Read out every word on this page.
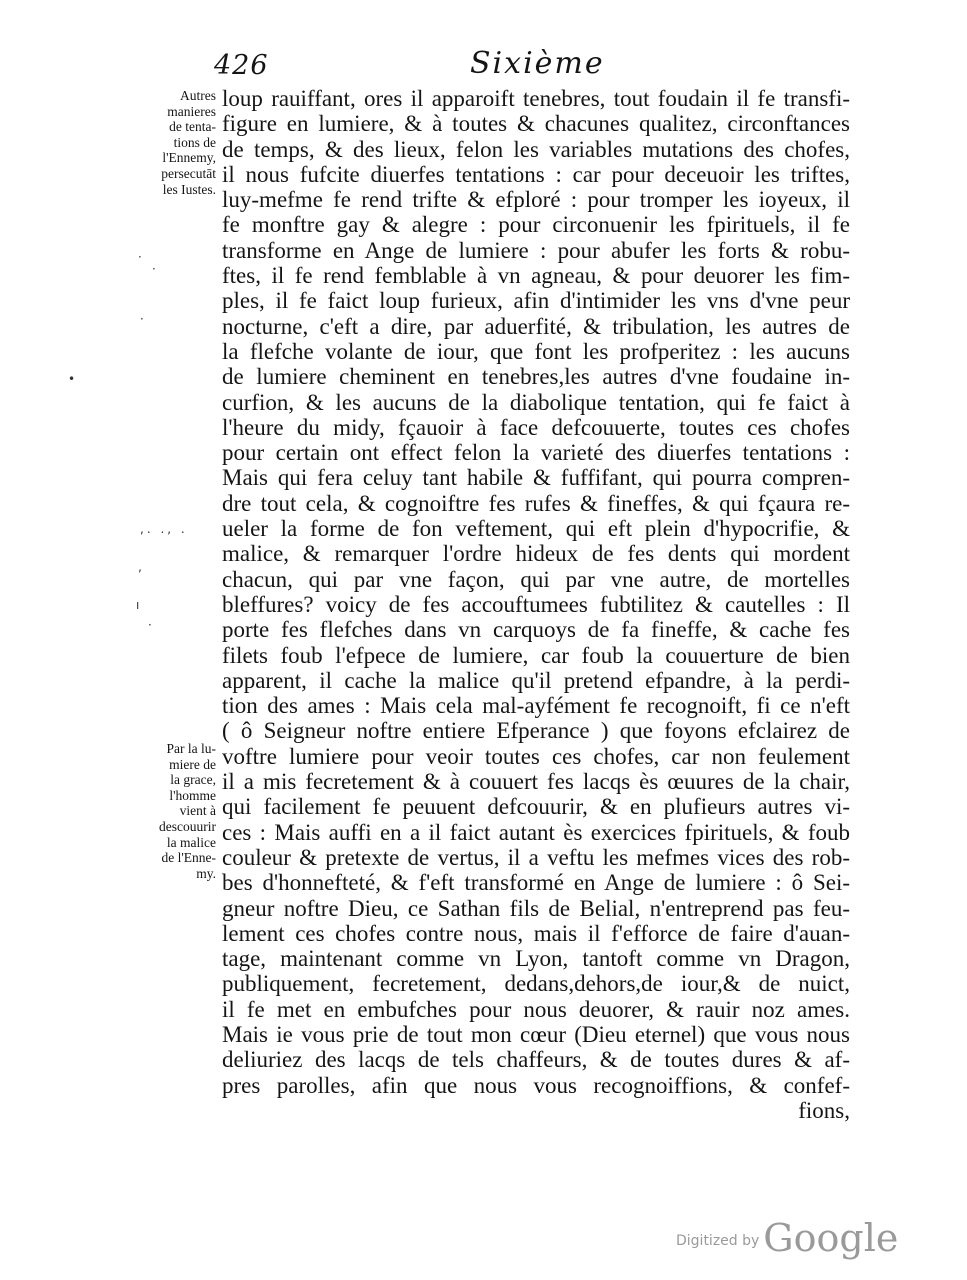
426	Sixième
Autres
manieres
de tenta-
tions de
l'Ennemy,
persecutāt
les Iustes.
Par la lu-
miere de
la grace,
l'homme
vient à
descouurir
la malice
de l'Enne-
my.
⋅
·
·
•
,. ., .
‚
ı
·
loup rauiffant, ores il apparoift tenebres, tout foudain il fe transfi-
figure en lumiere, & à toutes & chacunes qualitez, circonftances
de temps, & des lieux, felon les variables mutations des chofes,
il nous fufcite diuerfes tentations : car pour deceuoir les triftes,
luy-mefme fe rend trifte & efploré : pour tromper les ioyeux, il
fe monftre gay & alegre : pour circonuenir les fpirituels, il fe
transforme en Ange de lumiere : pour abufer les forts & robu-
ftes, il fe rend femblable à vn agneau, & pour deuorer les fim-
ples, il fe faict loup furieux, afin d'intimider les vns d'vne peur
nocturne, c'eft a dire, par aduerfité, & tribulation, les autres de
la flefche volante de iour, que font les profperitez : les aucuns
de lumiere cheminent en tenebres,les autres d'vne foudaine in-
curfion, & les aucuns de la diabolique tentation, qui fe faict à
l'heure du midy, fçauoir à face defcouuerte, toutes ces chofes
pour certain ont effect felon la varieté des diuerfes tentations :
Mais qui fera celuy tant habile & fuffifant, qui pourra compren-
dre tout cela, & cognoiftre fes rufes & fineffes, & qui fçaura re-
ueler la forme de fon veftement, qui eft plein d'hypocrifie, &
malice, & remarquer l'ordre hideux de fes dents qui mordent
chacun, qui par vne façon, qui par vne autre, de mortelles
bleffures? voicy de fes accouftumees fubtilitez & cautelles : Il
porte fes flefches dans vn carquoys de fa fineffe, & cache fes
filets foub l'efpece de lumiere, car foub la couuerture de bien
apparent, il cache la malice qu'il pretend efpandre, à la perdi-
tion des ames : Mais cela mal-ayfément fe recognoift, fi ce n'eft
( ô Seigneur noftre entiere Efperance ) que foyons efclairez de
voftre lumiere pour veoir toutes ces chofes, car non feulement
il a mis fecretement & à couuert fes lacqs ès œuures de la chair,
qui facilement fe peuuent defcouurir, & en plufieurs autres vi-
ces : Mais auffi en a il faict autant ès exercices fpirituels, & foub
couleur & pretexte de vertus, il a veftu les mefmes vices des rob-
bes d'honnefteté, & f'eft transformé en Ange de lumiere : ô Sei-
gneur noftre Dieu, ce Sathan fils de Belial, n'entreprend pas feu-
lement ces chofes contre nous, mais il f'efforce de faire d'auan-
tage, maintenant comme vn Lyon, tantoft comme vn Dragon,
publiquement, fecretement, dedans,dehors,de iour,& de nuict,
il fe met en embufches pour nous deuorer, & rauir noz ames.
Mais ie vous prie de tout mon cœur (Dieu eternel) que vous nous
deliuriez des lacqs de tels chaffeurs, & de toutes dures & af-
pres parolles, afin que nous vous recognoiffions, & confef-
fions,
Digitized by Google
